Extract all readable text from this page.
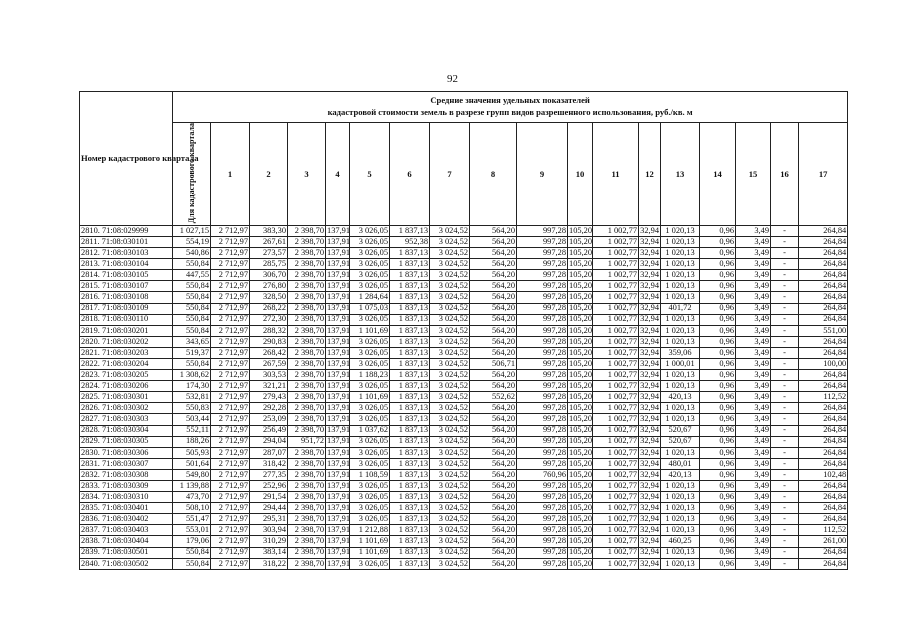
92
Номер кадастрового квартала	Средние значения удельных показателей
кадастровой стоимости земель в разрезе групп видов разрешенного использования, руб./кв. м																	

	Для кадастрового квартала	1	2	3	4	5	6	7	8	9	10	11	12	13	14	15	16	17
2810. 71:08:029999	1 027,15	2 712,97	383,30	2 398,70	137,91	3 026,05	1 837,13	3 024,52	564,20	997,28	105,20	1 002,77	32,94	1 020,13	0,96	3,49	-	264,84
2811. 71:08:030101	554,19	2 712,97	267,61	2 398,70	137,91	3 026,05	952,38	3 024,52	564,20	997,28	105,20	1 002,77	32,94	1 020,13	0,96	3,49	-	264,84
2812. 71:08:030103	540,86	2 712,97	273,57	2 398,70	137,91	3 026,05	1 837,13	3 024,52	564,20	997,28	105,20	1 002,77	32,94	1 020,13	0,96	3,49	-	264,84
2813. 71:08:030104	550,84	2 712,97	285,75	2 398,70	137,91	3 026,05	1 837,13	3 024,52	564,20	997,28	105,20	1 002,77	32,94	1 020,13	0,96	3,49	-	264,84
2814. 71:08:030105	447,55	2 712,97	306,70	2 398,70	137,91	3 026,05	1 837,13	3 024,52	564,20	997,28	105,20	1 002,77	32,94	1 020,13	0,96	3,49	-	264,84
2815. 71:08:030107	550,84	2 712,97	276,80	2 398,70	137,91	3 026,05	1 837,13	3 024,52	564,20	997,28	105,20	1 002,77	32,94	1 020,13	0,96	3,49	-	264,84
2816. 71:08:030108	550,84	2 712,97	328,50	2 398,70	137,91	1 284,64	1 837,13	3 024,52	564,20	997,28	105,20	1 002,77	32,94	1 020,13	0,96	3,49	-	264,84
2817. 71:08:030109	550,84	2 712,97	268,22	2 398,70	137,91	1 075,03	1 837,13	3 024,52	564,20	997,28	105,20	1 002,77	32,94	401,72	0,96	3,49	-	264,84
2818. 71:08:030110	550,84	2 712,97	272,30	2 398,70	137,91	3 026,05	1 837,13	3 024,52	564,20	997,28	105,20	1 002,77	32,94	1 020,13	0,96	3,49	-	264,84
2819. 71:08:030201	550,84	2 712,97	288,32	2 398,70	137,91	1 101,69	1 837,13	3 024,52	564,20	997,28	105,20	1 002,77	32,94	1 020,13	0,96	3,49	-	551,00
2820. 71:08:030202	343,65	2 712,97	290,83	2 398,70	137,91	3 026,05	1 837,13	3 024,52	564,20	997,28	105,20	1 002,77	32,94	1 020,13	0,96	3,49	-	264,84
2821. 71:08:030203	519,37	2 712,97	268,42	2 398,70	137,91	3 026,05	1 837,13	3 024,52	564,20	997,28	105,20	1 002,77	32,94	359,06	0,96	3,49	-	264,84
2822. 71:08:030204	550,84	2 712,97	267,59	2 398,70	137,91	3 026,05	1 837,13	3 024,52	506,71	997,28	105,20	1 002,77	32,94	1 000,01	0,96	3,49	-	100,00
2823. 71:08:030205	1 308,62	2 712,97	303,53	2 398,70	137,91	1 188,23	1 837,13	3 024,52	564,20	997,28	105,20	1 002,77	32,94	1 020,13	0,96	3,49	-	264,84
2824. 71:08:030206	174,30	2 712,97	321,21	2 398,70	137,91	3 026,05	1 837,13	3 024,52	564,20	997,28	105,20	1 002,77	32,94	1 020,13	0,96	3,49	-	264,84
2825. 71:08:030301	532,81	2 712,97	279,43	2 398,70	137,91	1 101,69	1 837,13	3 024,52	552,62	997,28	105,20	1 002,77	32,94	420,13	0,96	3,49	-	112,52
2826. 71:08:030302	550,83	2 712,97	292,28	2 398,70	137,91	3 026,05	1 837,13	3 024,52	564,20	997,28	105,20	1 002,77	32,94	1 020,13	0,96	3,49	-	264,84
2827. 71:08:030303	503,44	2 712,97	253,09	2 398,70	137,91	3 026,05	1 837,13	3 024,52	564,20	997,28	105,20	1 002,77	32,94	1 020,13	0,96	3,49	-	264,84
2828. 71:08:030304	552,11	2 712,97	256,49	2 398,70	137,91	1 037,62	1 837,13	3 024,52	564,20	997,28	105,20	1 002,77	32,94	520,67	0,96	3,49	-	264,84
2829. 71:08:030305	188,26	2 712,97	294,04	951,72	137,91	3 026,05	1 837,13	3 024,52	564,20	997,28	105,20	1 002,77	32,94	520,67	0,96	3,49	-	264,84
2830. 71:08:030306	505,93	2 712,97	287,07	2 398,70	137,91	3 026,05	1 837,13	3 024,52	564,20	997,28	105,20	1 002,77	32,94	1 020,13	0,96	3,49	-	264,84
2831. 71:08:030307	501,64	2 712,97	318,42	2 398,70	137,91	3 026,05	1 837,13	3 024,52	564,20	997,28	105,20	1 002,77	32,94	480,01	0,96	3,49	-	264,84
2832. 71:08:030308	549,80	2 712,97	277,35	2 398,70	137,91	1 108,59	1 837,13	3 024,52	564,20	760,96	105,20	1 002,77	32,94	420,13	0,96	3,49	-	102,48
2833. 71:08:030309	1 139,88	2 712,97	252,96	2 398,70	137,91	3 026,05	1 837,13	3 024,52	564,20	997,28	105,20	1 002,77	32,94	1 020,13	0,96	3,49	-	264,84
2834. 71:08:030310	473,70	2 712,97	291,54	2 398,70	137,91	3 026,05	1 837,13	3 024,52	564,20	997,28	105,20	1 002,77	32,94	1 020,13	0,96	3,49	-	264,84
2835. 71:08:030401	508,10	2 712,97	294,44	2 398,70	137,91	3 026,05	1 837,13	3 024,52	564,20	997,28	105,20	1 002,77	32,94	1 020,13	0,96	3,49	-	264,84
2836. 71:08:030402	551,47	2 712,97	295,31	2 398,70	137,91	3 026,05	1 837,13	3 024,52	564,20	997,28	105,20	1 002,77	32,94	1 020,13	0,96	3,49	-	264,84
2837. 71:08:030403	553,01	2 712,97	303,94	2 398,70	137,91	1 212,88	1 837,13	3 024,52	564,20	997,28	105,20	1 002,77	32,94	1 020,13	0,96	3,49	-	112,52
2838. 71:08:030404	179,06	2 712,97	310,29	2 398,70	137,91	1 101,69	1 837,13	3 024,52	564,20	997,28	105,20	1 002,77	32,94	460,25	0,96	3,49	-	261,00
2839. 71:08:030501	550,84	2 712,97	383,14	2 398,70	137,91	1 101,69	1 837,13	3 024,52	564,20	997,28	105,20	1 002,77	32,94	1 020,13	0,96	3,49	-	264,84
2840. 71:08:030502	550,84	2 712,97	318,22	2 398,70	137,91	3 026,05	1 837,13	3 024,52	564,20	997,28	105,20	1 002,77	32,94	1 020,13	0,96	3,49	-	264,84
